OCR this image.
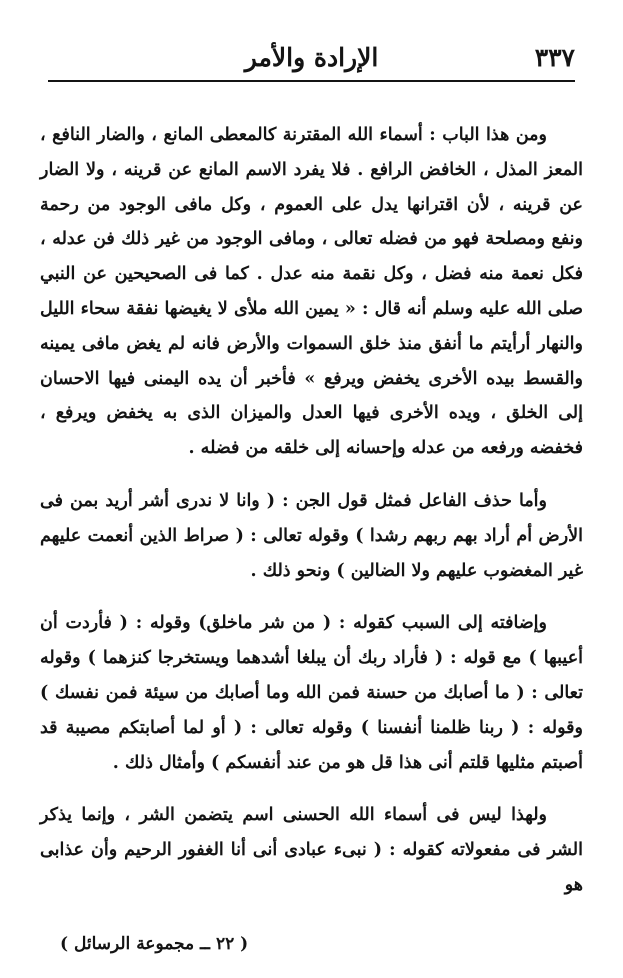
٣٣٧
الإرادة والأمر

ومن هذا الباب : أسماء الله المقترنة كالمعطى المانع ، والضار النافع ، المعز المذل ، الخافض الرافع . فلا يفرد الاسم المانع عن قرينه ، ولا الضار عن قرينه ، لأن اقترانها يدل على العموم ، وكل مافى الوجود من رحمة ونفع ومصلحة فهو من فضله تعالى ، ومافى الوجود من غير ذلك فن عدله ، فكل نعمة منه فضل ، وكل نقمة منه عدل . كما فى الصحيحين عن النبي صلى الله عليه وسلم أنه قال : « يمين الله ملأى لا يغيضها نفقة سحاء الليل والنهار أرأيتم ما أنفق منذ خلق السموات والأرض فانه لم يغض مافى يمينه والقسط بيده الأخرى يخفض ويرفع » فأخبر أن يده اليمنى فيها الاحسان إلى الخلق ، ويده الأخرى فيها العدل والميزان الذى به يخفض ويرفع ، فخفضه ورفعه من عدله وإحسانه إلى خلقه من فضله .

وأما حذف الفاعل فمثل قول الجن : ( وانا لا ندرى أشر أريد بمن فى الأرض أم أراد بهم ربهم رشدا ) وقوله تعالى : ( صراط الذين أنعمت عليهم غير المغضوب عليهم ولا الضالين ) ونحو ذلك .

وإضافته إلى السبب كقوله : ( من شر ماخلق) وقوله : ( فأردت أن أعيبها ) مع قوله : ( فأراد ربك أن يبلغا أشدهما ويستخرجا كنزهما ) وقوله تعالى : ( ما أصابك من حسنة فمن الله وما أصابك من سيئة فمن نفسك ) وقوله : ( ربنا ظلمنا أنفسنا ) وقوله تعالى : ( أو لما أصابتكم مصيبة قد أصبتم مثليها قلتم أنى هذا قل هو من عند أنفسكم ) وأمثال ذلك .

ولهذا ليس فى أسماء الله الحسنى اسم يتضمن الشر ، وإنما يذكر الشر فى مفعولاته كقوله : ( نبىء عبادى أنى أنا الغفور الرحيم وأن عذابى هو

( ٢٢ ــ مجموعة الرسائل )
